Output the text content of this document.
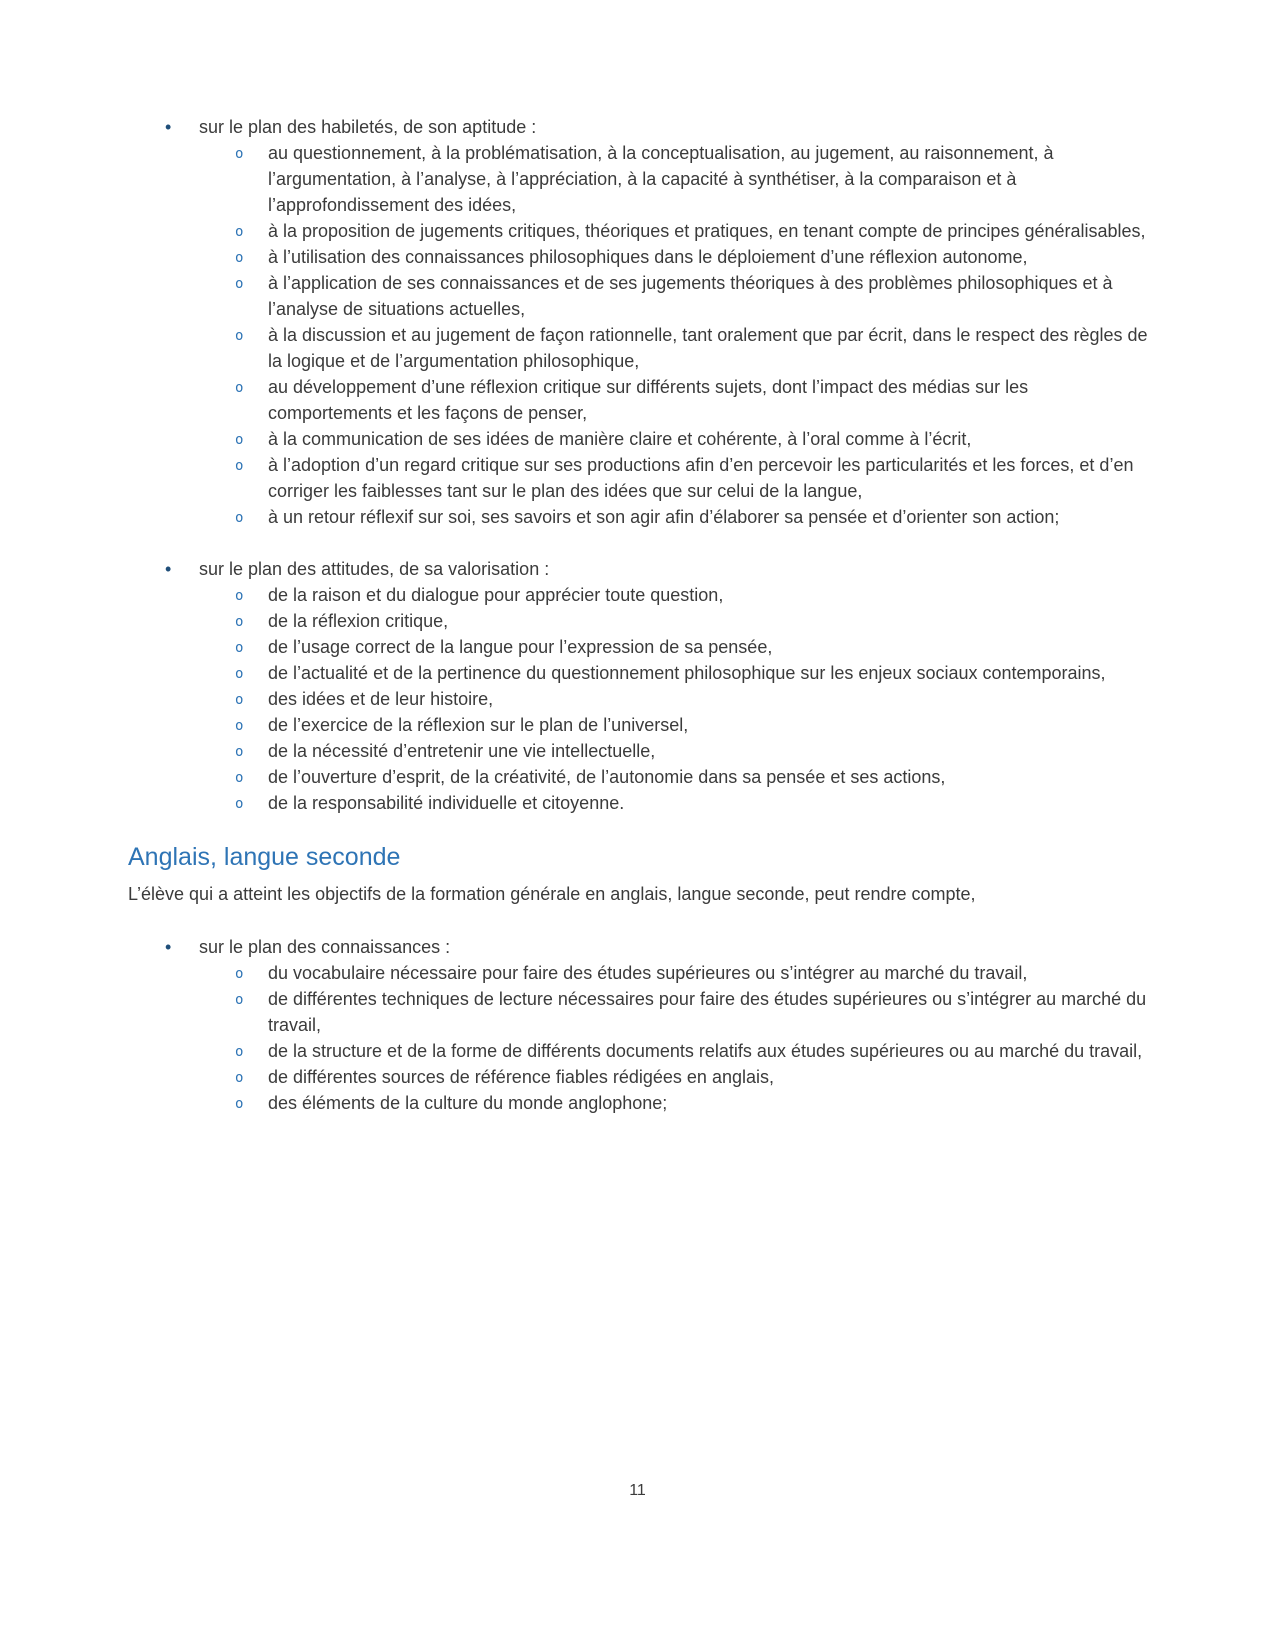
• sur le plan des habiletés, de son aptitude :
o au questionnement, à la problématisation, à la conceptualisation, au jugement, au raisonnement, à l’argumentation, à l’analyse, à l’appréciation, à la capacité à synthétiser, à la comparaison et à l’approfondissement des idées,
o à la proposition de jugements critiques, théoriques et pratiques, en tenant compte de principes généralisables,
o à l’utilisation des connaissances philosophiques dans le déploiement d’une réflexion autonome,
o à l’application de ses connaissances et de ses jugements théoriques à des problèmes philosophiques et à l’analyse de situations actuelles,
o à la discussion et au jugement de façon rationnelle, tant oralement que par écrit, dans le respect des règles de la logique et de l’argumentation philosophique,
o au développement d’une réflexion critique sur différents sujets, dont l’impact des médias sur les comportements et les façons de penser,
o à la communication de ses idées de manière claire et cohérente, à l’oral comme à l’écrit,
o à l’adoption d’un regard critique sur ses productions afin d’en percevoir les particularités et les forces, et d’en corriger les faiblesses tant sur le plan des idées que sur celui de la langue,
o à un retour réflexif sur soi, ses savoirs et son agir afin d’élaborer sa pensée et d’orienter son action;
• sur le plan des attitudes, de sa valorisation :
o de la raison et du dialogue pour apprécier toute question,
o de la réflexion critique,
o de l’usage correct de la langue pour l’expression de sa pensée,
o de l’actualité et de la pertinence du questionnement philosophique sur les enjeux sociaux contemporains,
o des idées et de leur histoire,
o de l’exercice de la réflexion sur le plan de l’universel,
o de la nécessité d’entretenir une vie intellectuelle,
o de l’ouverture d’esprit, de la créativité, de l’autonomie dans sa pensée et ses actions,
o de la responsabilité individuelle et citoyenne.
Anglais, langue seconde

L’élève qui a atteint les objectifs de la formation générale en anglais, langue seconde, peut rendre compte,

• sur le plan des connaissances :
o du vocabulaire nécessaire pour faire des études supérieures ou s’intégrer au marché du travail,
o de différentes techniques de lecture nécessaires pour faire des études supérieures ou s’intégrer au marché du travail,
o de la structure et de la forme de différents documents relatifs aux études supérieures ou au marché du travail,
o de différentes sources de référence fiables rédigées en anglais,
o des éléments de la culture du monde anglophone;
11
